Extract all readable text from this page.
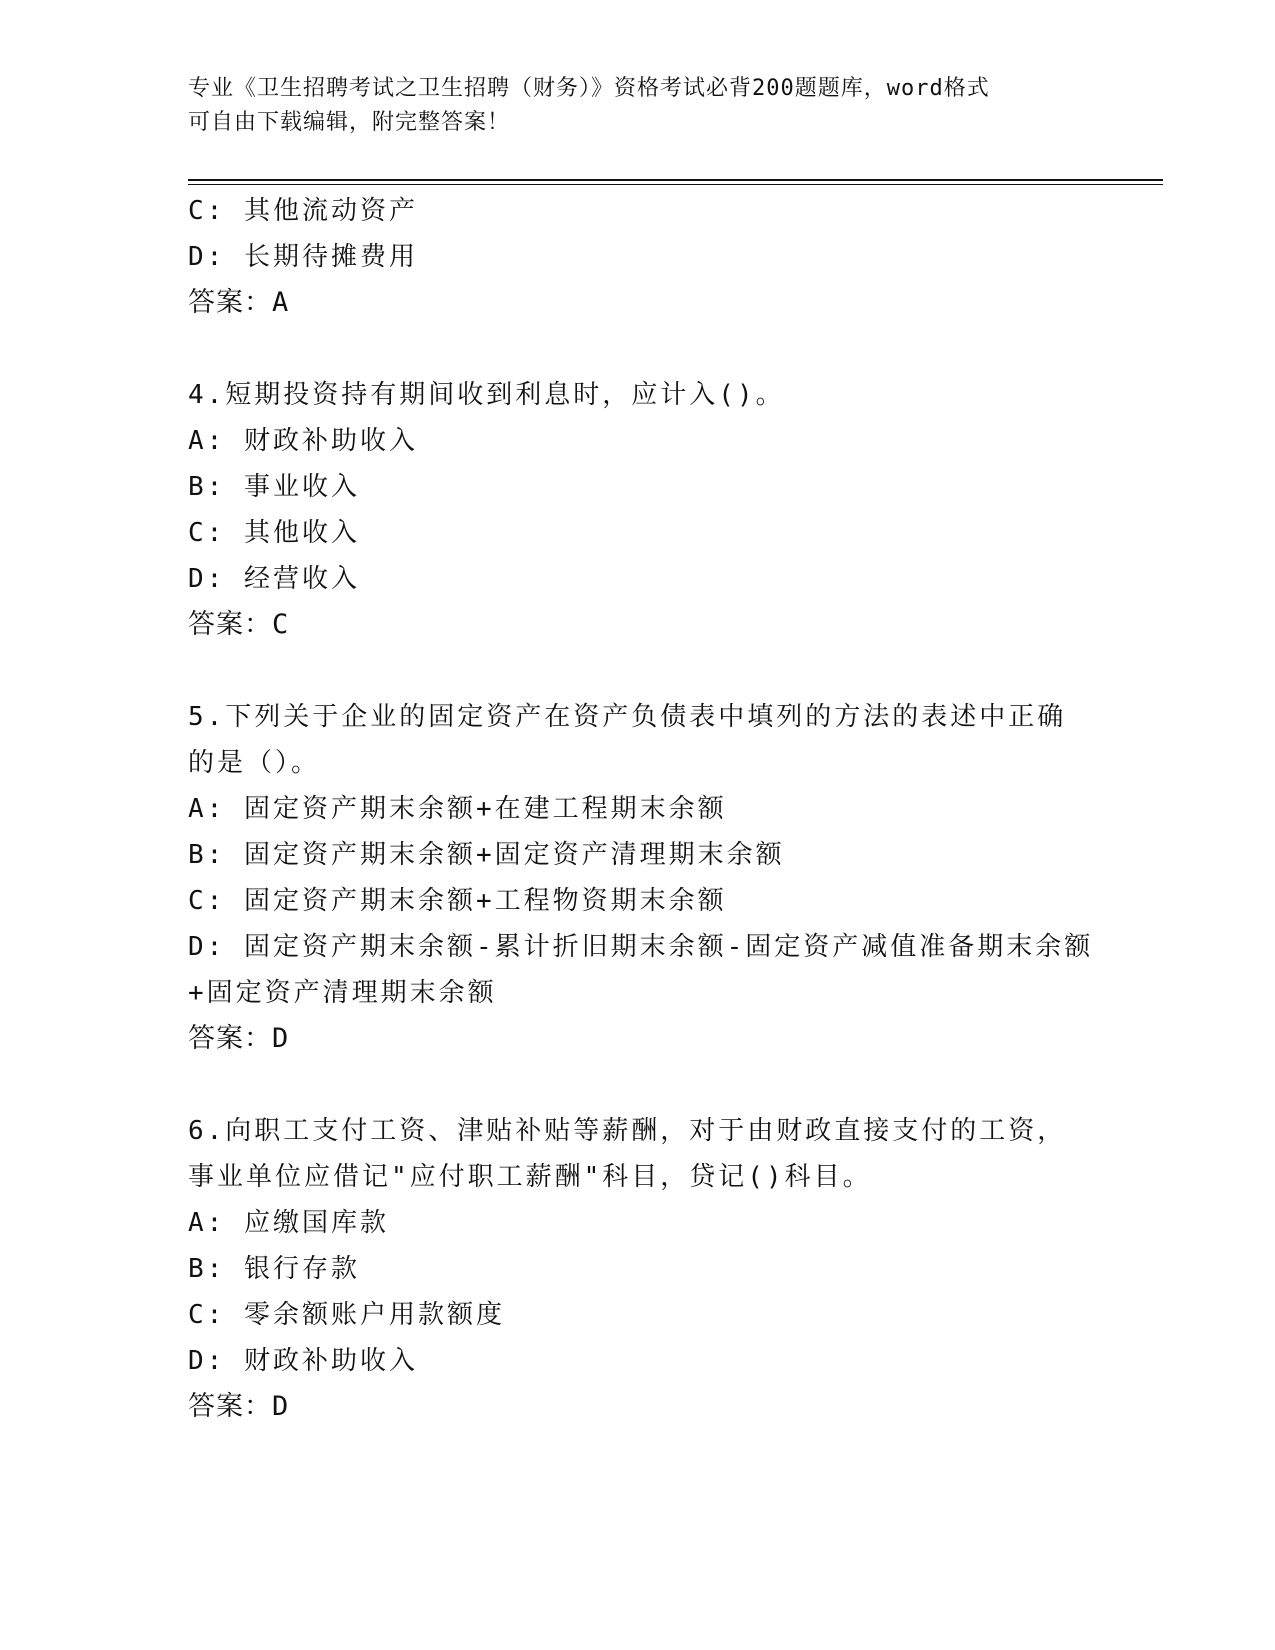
专业《卫生招聘考试之卫生招聘（财务）》资格考试必背200题题库，word格式
可自由下载编辑，附完整答案！
C: 其他流动资产
D: 长期待摊费用
答案：A
4.短期投资持有期间收到利息时，应计入()。
A: 财政补助收入
B: 事业收入
C: 其他收入
D: 经营收入
答案：C
5.下列关于企业的固定资产在资产负债表中填列的方法的表述中正确
的是（）。
A: 固定资产期末余额+在建工程期末余额
B: 固定资产期末余额+固定资产清理期末余额
C: 固定资产期末余额+工程物资期末余额
D: 固定资产期末余额-累计折旧期末余额-固定资产减值准备期末余额
+固定资产清理期末余额
答案：D
6.向职工支付工资、津贴补贴等薪酬，对于由财政直接支付的工资，
事业单位应借记"应付职工薪酬"科目，贷记()科目。
A: 应缴国库款
B: 银行存款
C: 零余额账户用款额度
D: 财政补助收入
答案：D
